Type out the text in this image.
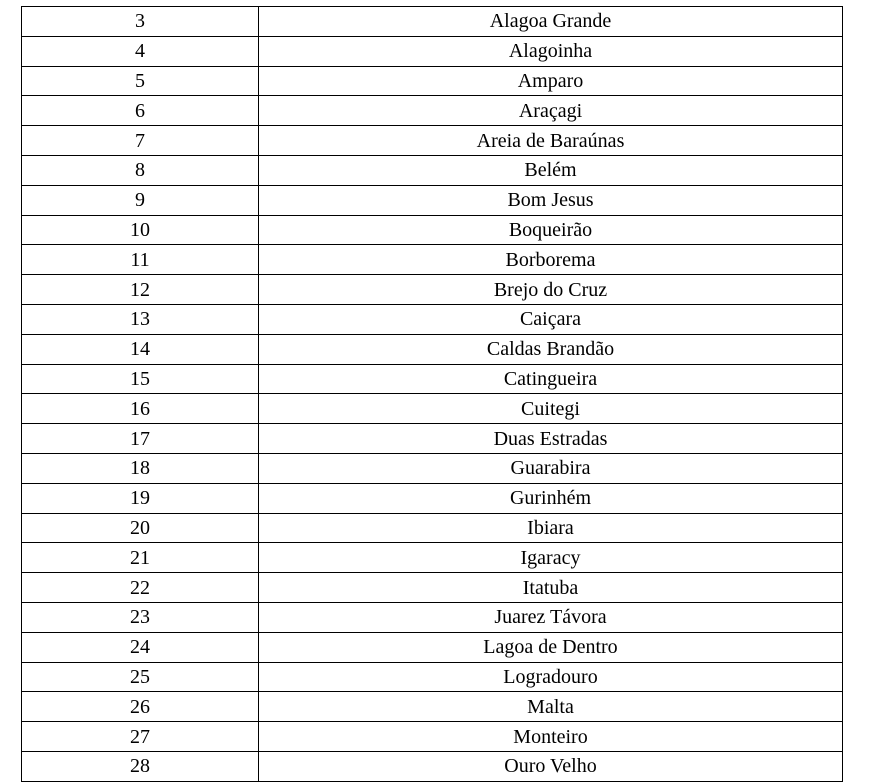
3	Alagoa Grande
4	Alagoinha
5	Amparo
6	Araçagi
7	Areia de Baraúnas
8	Belém
9	Bom Jesus
10	Boqueirão
11	Borborema
12	Brejo do Cruz
13	Caiçara
14	Caldas Brandão
15	Catingueira
16	Cuitegi
17	Duas Estradas
18	Guarabira
19	Gurinhém
20	Ibiara
21	Igaracy
22	Itatuba
23	Juarez Távora
24	Lagoa de Dentro
25	Logradouro
26	Malta
27	Monteiro
28	Ouro Velho
